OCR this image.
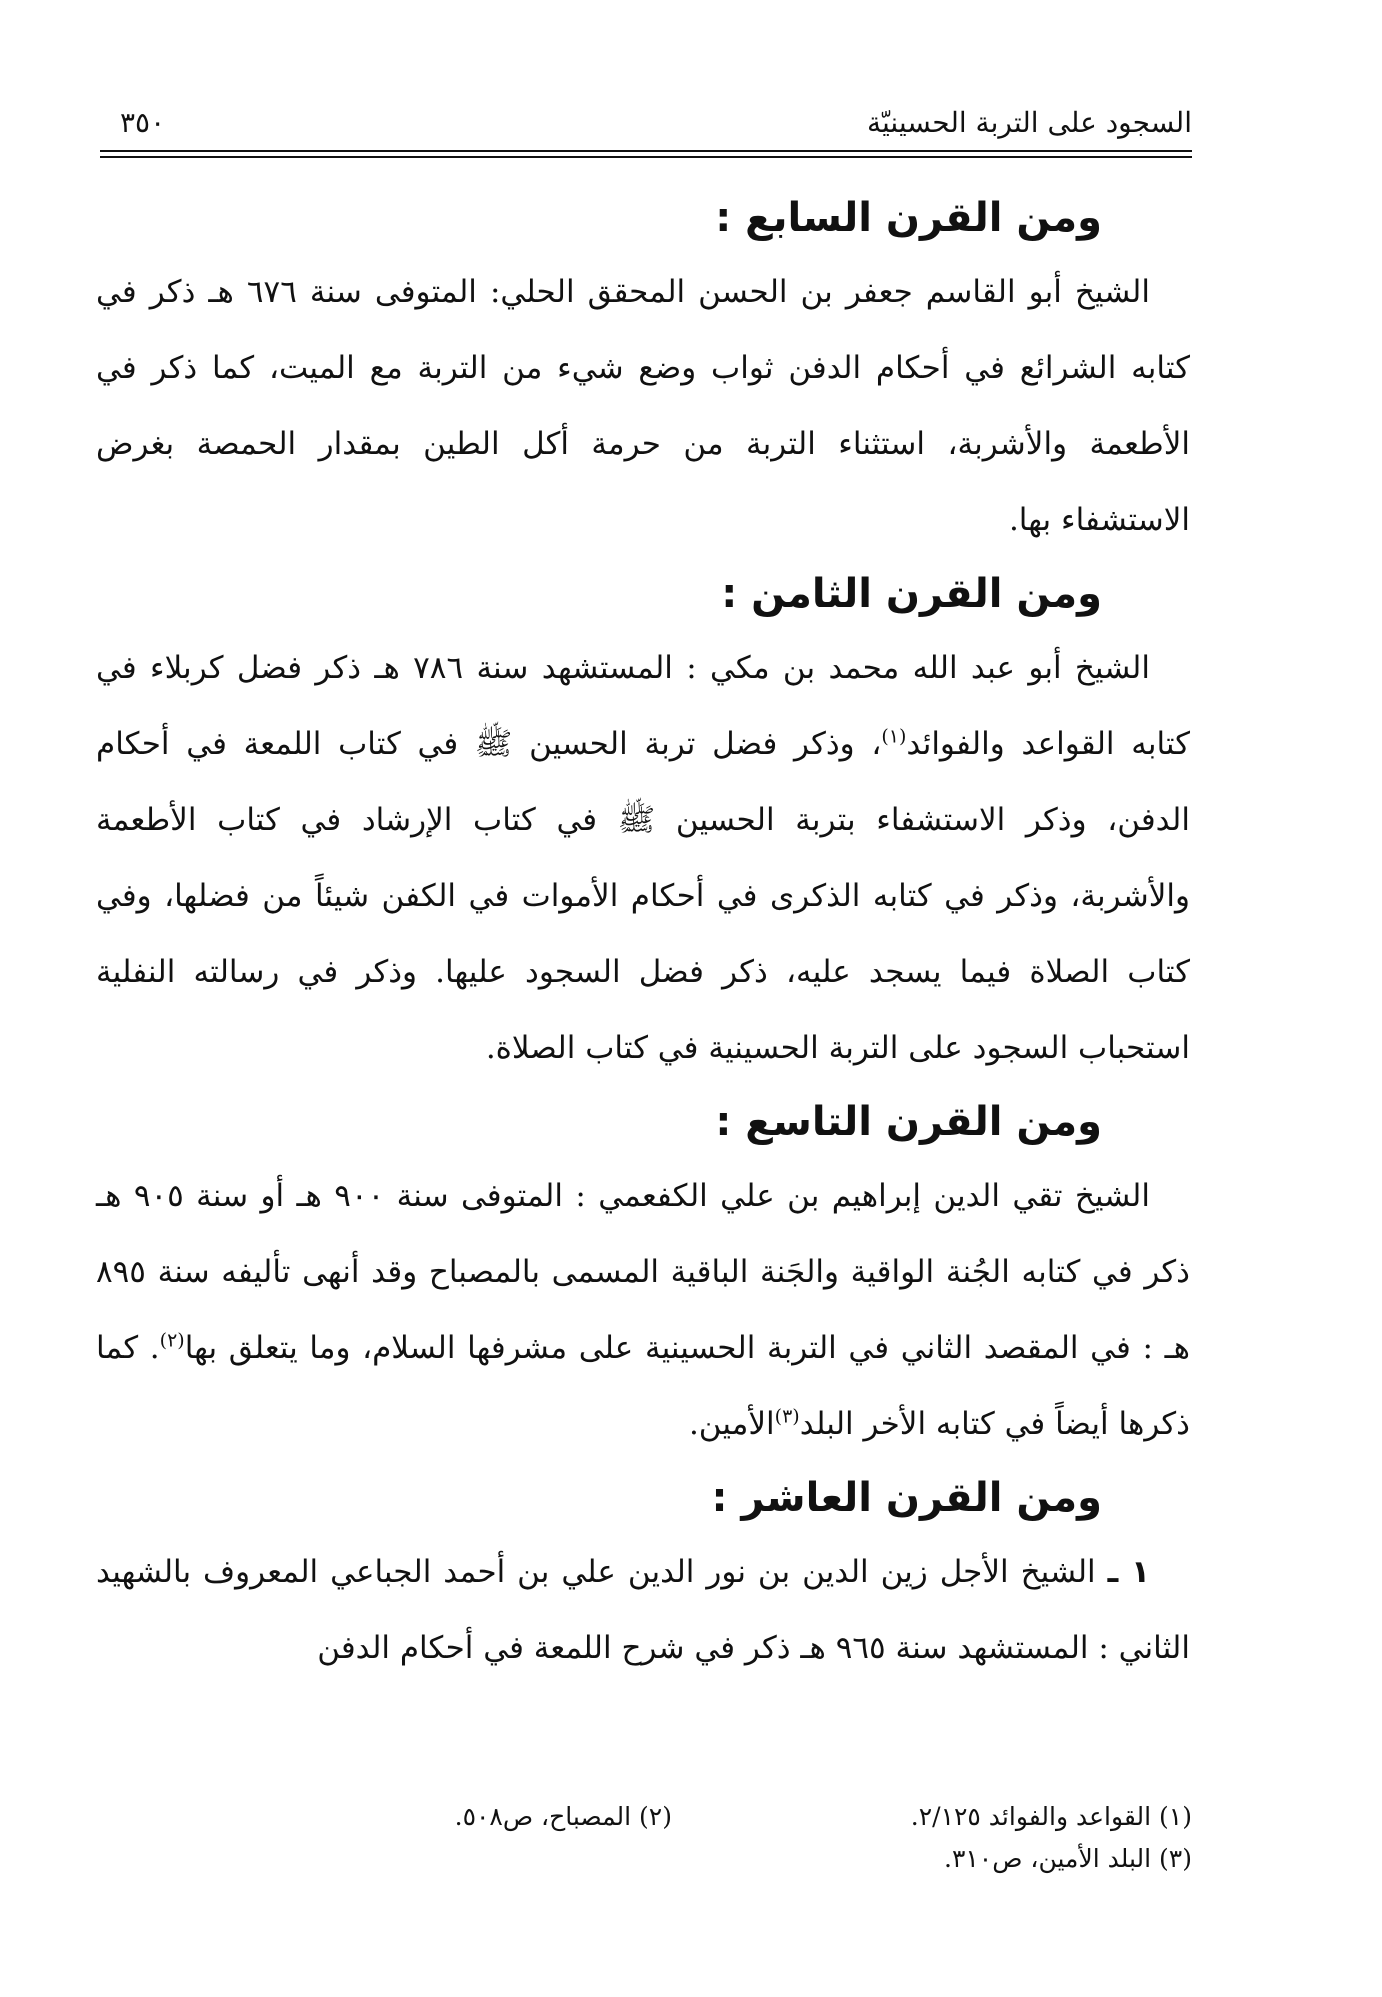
السجود على التربة الحسينيّة
٣٥٠
ومن القرن السابع :

الشيخ أبو القاسم جعفر بن الحسن المحقق الحلي: المتوفى سنة ٦٧٦ هـ ذكر في كتابه الشرائع في أحكام الدفن ثواب وضع شيء من التربة مع الميت، كما ذكر في الأطعمة والأشربة، استثناء التربة من حرمة أكل الطين بمقدار الحمصة بغرض الاستشفاء بها.

ومن القرن الثامن :

الشيخ أبو عبد الله محمد بن مكي : المستشهد سنة ٧٨٦ هـ ذكر فضل كربلاء في كتابه القواعد والفوائد$^{(١)}$، وذكر فضل تربة الحسين ﷺ في كتاب اللمعة في أحكام الدفن، وذكر الاستشفاء بتربة الحسين ﷺ في كتاب الإرشاد في كتاب الأطعمة والأشربة، وذكر في كتابه الذكرى في أحكام الأموات في الكفن شيئاً من فضلها، وفي كتاب الصلاة فيما يسجد عليه، ذكر فضل السجود عليها. وذكر في رسالته النفلية استحباب السجود على التربة الحسينية في كتاب الصلاة.

ومن القرن التاسع :

الشيخ تقي الدين إبراهيم بن علي الكفعمي : المتوفى سنة ٩٠٠ هـ أو سنة ٩٠٥ هـ ذكر في كتابه الجُنة الواقية والجَنة الباقية المسمى بالمصباح وقد أنهى تأليفه سنة ٨٩٥ هـ : في المقصد الثاني في التربة الحسينية على مشرفها السلام، وما يتعلق بها$^{(٢)}$. كما ذكرها أيضاً في كتابه الأخر البلد$^{(٣)}$الأمين.

ومن القرن العاشر :

١ ـ الشيخ الأجل زين الدين بن نور الدين علي بن أحمد الجباعي المعروف بالشهيد الثاني : المستشهد سنة ٩٦٥ هـ ذكر في شرح اللمعة في أحكام الدفن

(١) القواعد والفوائد ٢/١٢٥.
(٢) المصباح، ص٥٠٨.
(٣) البلد الأمين، ص٣١٠.
